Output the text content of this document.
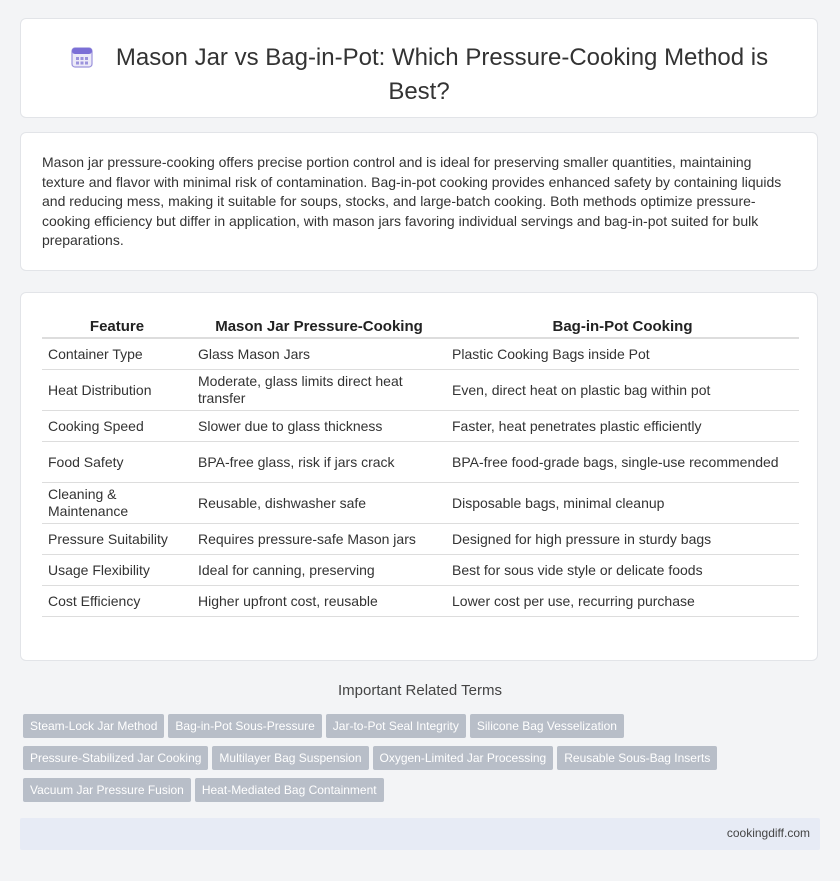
Mason Jar vs Bag-in-Pot: Which Pressure-Cooking Method is Best?
Mason jar pressure-cooking offers precise portion control and is ideal for preserving smaller quantities, maintaining texture and flavor with minimal risk of contamination. Bag-in-pot cooking provides enhanced safety by containing liquids and reducing mess, making it suitable for soups, stocks, and large-batch cooking. Both methods optimize pressure-cooking efficiency but differ in application, with mason jars favoring individual servings and bag-in-pot suited for bulk preparations.
Feature	Mason Jar Pressure-Cooking	Bag-in-Pot Cooking
Container Type	Glass Mason Jars	Plastic Cooking Bags inside Pot
Heat Distribution	Moderate, glass limits direct heat transfer	Even, direct heat on plastic bag within pot
Cooking Speed	Slower due to glass thickness	Faster, heat penetrates plastic efficiently
Food Safety	BPA-free glass, risk if jars crack	BPA-free food-grade bags, single-use recommended
Cleaning & Maintenance	Reusable, dishwasher safe	Disposable bags, minimal cleanup
Pressure Suitability	Requires pressure-safe Mason jars	Designed for high pressure in sturdy bags
Usage Flexibility	Ideal for canning, preserving	Best for sous vide style or delicate foods
Cost Efficiency	Higher upfront cost, reusable	Lower cost per use, recurring purchase
Important Related Terms
Steam-Lock Jar Method Bag-in-Pot Sous-Pressure Jar-to-Pot Seal Integrity Silicone Bag Vesselization
Pressure-Stabilized Jar Cooking Multilayer Bag Suspension Oxygen-Limited Jar Processing Reusable Sous-Bag Inserts
Vacuum Jar Pressure Fusion Heat-Mediated Bag Containment
cookingdiff.com
